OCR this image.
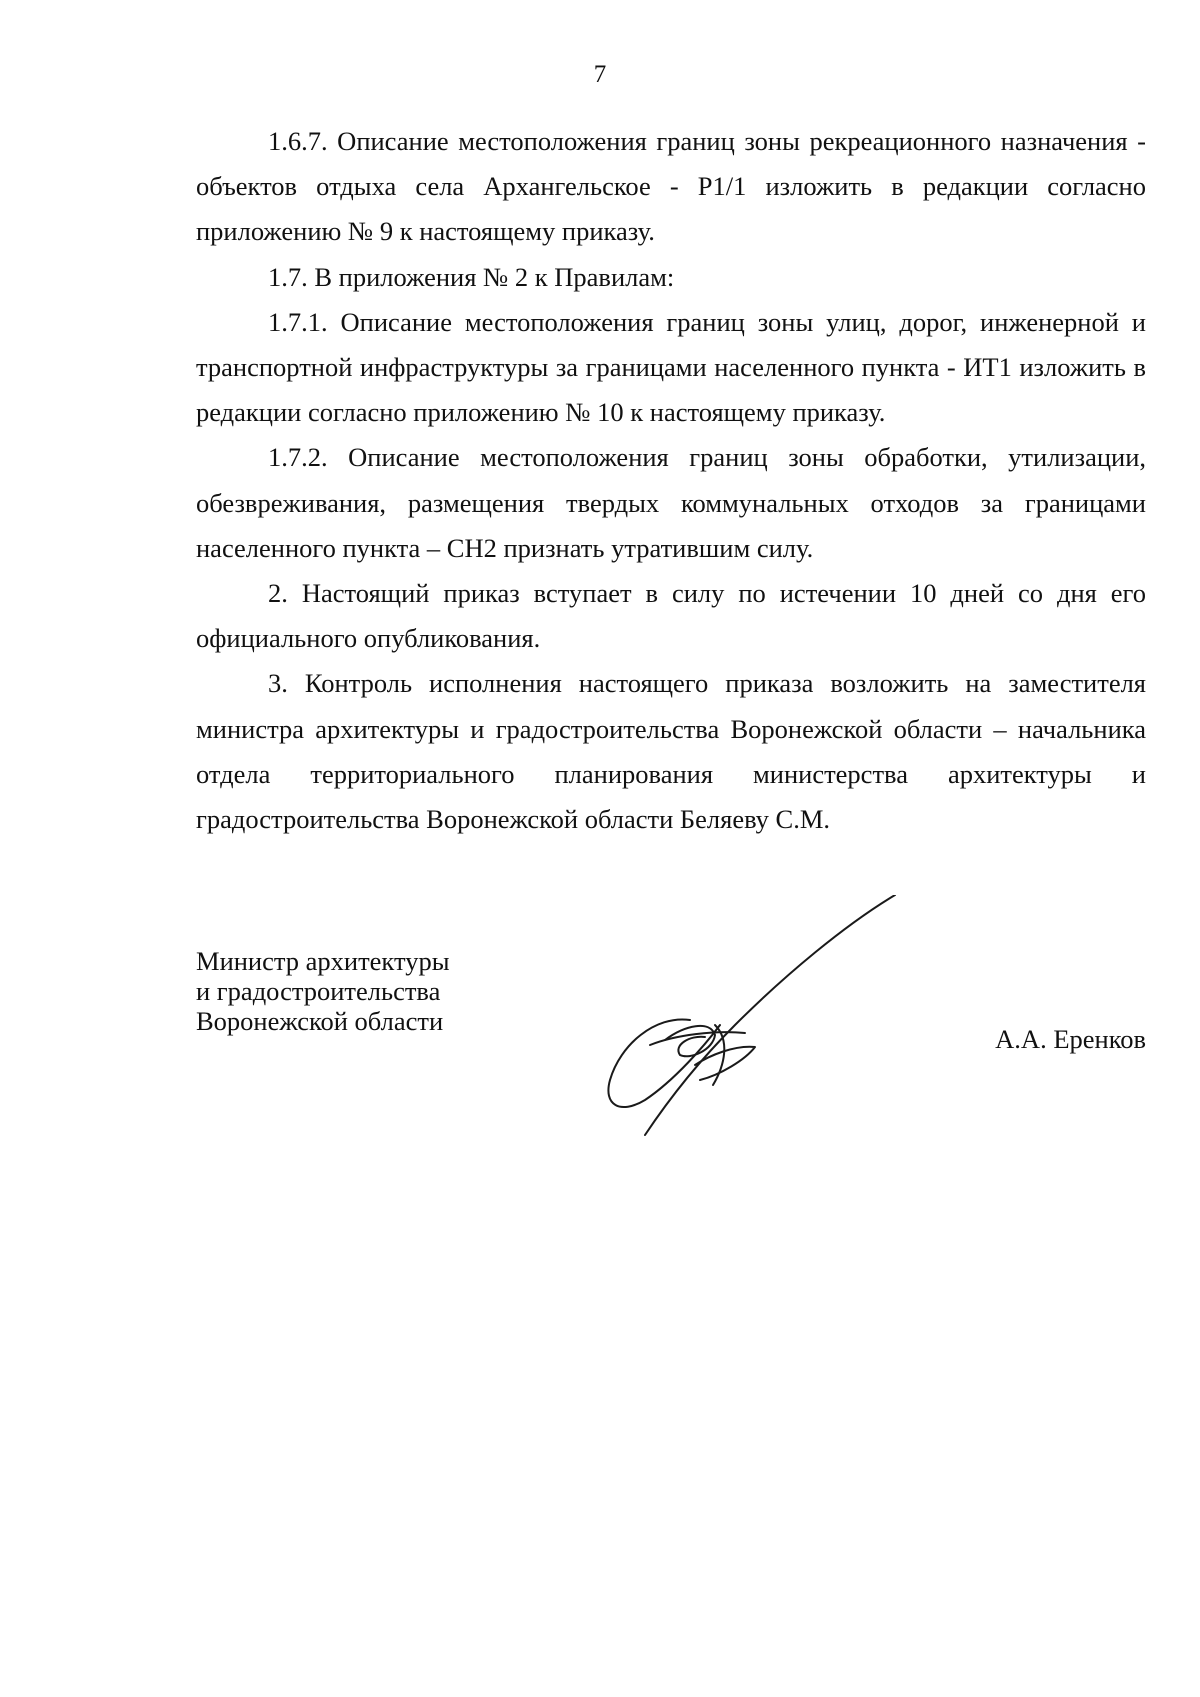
7

1.6.7. Описание местоположения границ зоны рекреационного назначения - объектов отдыха села Архангельское - Р1/1 изложить в редакции согласно приложению № 9 к настоящему приказу.

1.7. В приложения № 2 к Правилам:

1.7.1. Описание местоположения границ зоны улиц, дорог, инженерной и транспортной инфраструктуры за границами населенного пункта - ИТ1 изложить в редакции согласно приложению № 10 к настоящему приказу.

1.7.2. Описание местоположения границ зоны обработки, утилизации, обезвреживания, размещения твердых коммунальных отходов за границами населенного пункта – СН2 признать утратившим силу.

2. Настоящий приказ вступает в силу по истечении 10 дней со дня его официального опубликования.

3. Контроль исполнения настоящего приказа возложить на заместителя министра архитектуры и градостроительства Воронежской области – начальника отдела территориального планирования министерства архитектуры и градостроительства Воронежской области Беляеву С.М.

Министр архитектуры
и градостроительства
Воронежской области
А.А. Еренков
